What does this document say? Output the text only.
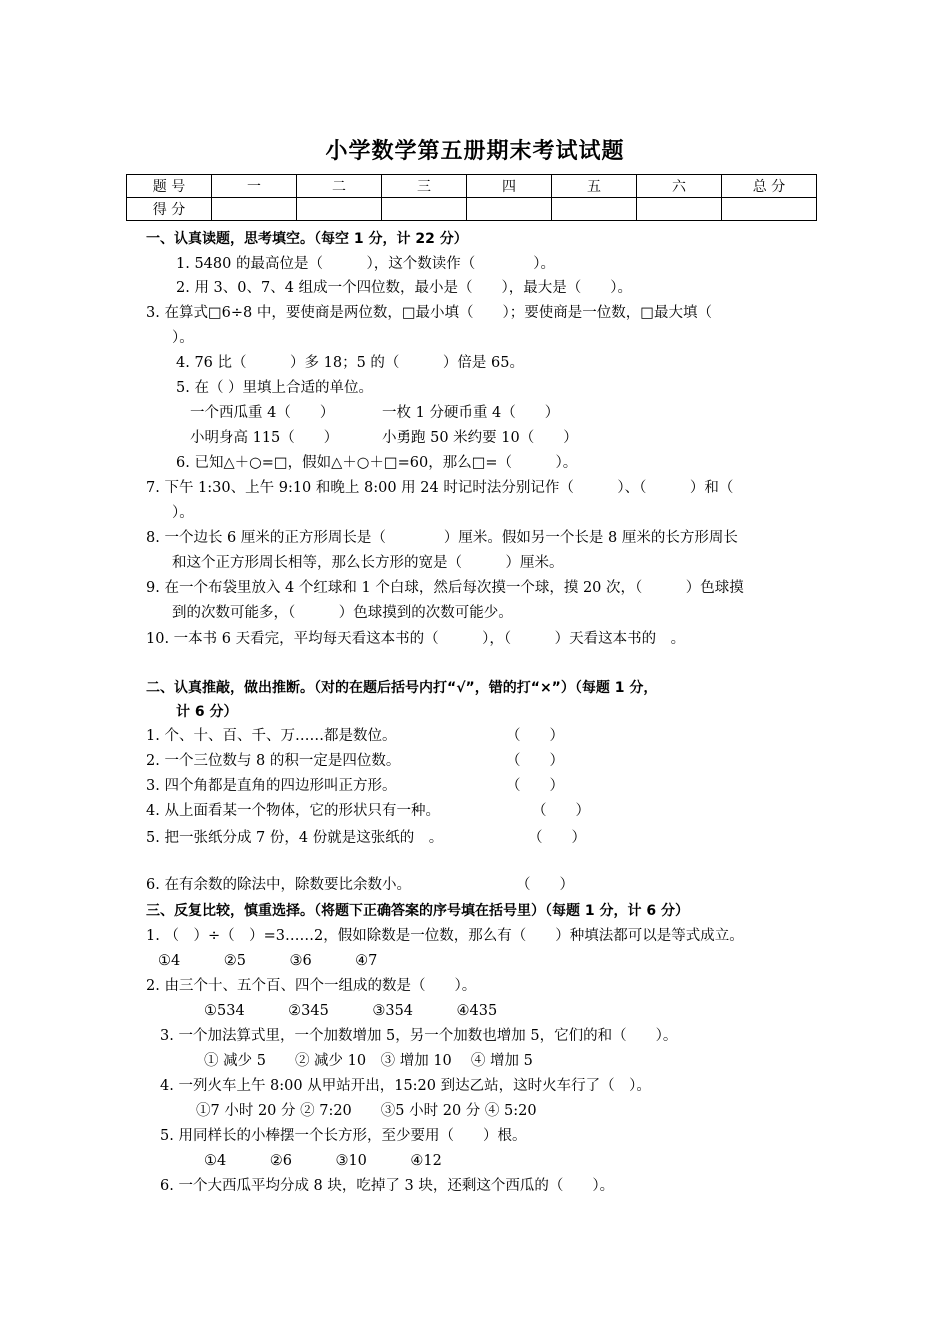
小学数学第五册期末考试试题
题 号	一	二	三	四	五	六	总 分
得 分							
一、认真读题，思考填空。（每空 1 分，计 22 分）
1. 5480 的最高位是（　　　），这个数读作（　　　　）。
2. 用 3、0、7、4 组成一个四位数，最小是（　　），最大是（　　）。
3. 在算式□6÷8 中，要使商是两位数，□最小填（　　）；要使商是一位数，□最大填（
）。
4. 76 比（　　　）多 18；5 的（　　　）倍是 65。
5. 在（ ）里填上合适的单位。
一个西瓜重 4（　　）	一枚 1 分硬币重 4（　　）
小明身高 115（　　）	小勇跑 50 米约要 10（　　）
6. 已知△＋○=□，假如△＋○＋□=60，那么□=（　　　）。
7. 下午 1:30、上午 9:10 和晚上 8:00 用 24 时记时法分别记作（　　　）、（　　　）和（
）。
8. 一个边长 6 厘米的正方形周长是（　　　　）厘米。假如另一个长是 8 厘米的长方形周长
和这个正方形周长相等，那么长方形的宽是（　　　）厘米。
9. 在一个布袋里放入 4 个红球和 1 个白球，然后每次摸一个球，摸 20 次，（　　　）色球摸
到的次数可能多，（　　　）色球摸到的次数可能少。
10. 一本书 6 天看完，平均每天看这本书的（　　　），（　　　）天看这本书的　。
二、认真推敲，做出推断。（对的在题后括号内打“√”，错的打“×”）（每题 1 分，
计 6 分）
1. 个、十、百、千、万……都是数位。	（　　）
2. 一个三位数与 8 的积一定是四位数。	（　　）
3. 四个角都是直角的四边形叫正方形。	（　　）
4. 从上面看某一个物体，它的形状只有一种。	（　　）
5. 把一张纸分成 7 份，4 份就是这张纸的　。	（　　）
6. 在有余数的除法中，除数要比余数小。	（　　）
三、反复比较，慎重选择。（将题下正确答案的序号填在括号里）（每题 1 分，计 6 分）
1. （　）÷（　）=3……2，假如除数是一位数，那么有（　　）种填法都可以是等式成立。
①4　　　②5　　　③6　　　④7
2. 由三个十、五个百、四个一组成的数是（　　）。
①534　　　②345　　　③354　　　④435
3. 一个加法算式里，一个加数增加 5，另一个加数也增加 5，它们的和（　　）。
① 减少 5　　② 减少 10　③ 增加 10　 ④ 增加 5
4. 一列火车上午 8:00 从甲站开出，15:20 到达乙站，这时火车行了（　）。
①7 小时 20 分 ② 7:20　　③5 小时 20 分 ④ 5:20
5. 用同样长的小棒摆一个长方形，至少要用（　　）根。
①4　　　②6　　　③10　　　④12
6. 一个大西瓜平均分成 8 块，吃掉了 3 块，还剩这个西瓜的（　　）。
